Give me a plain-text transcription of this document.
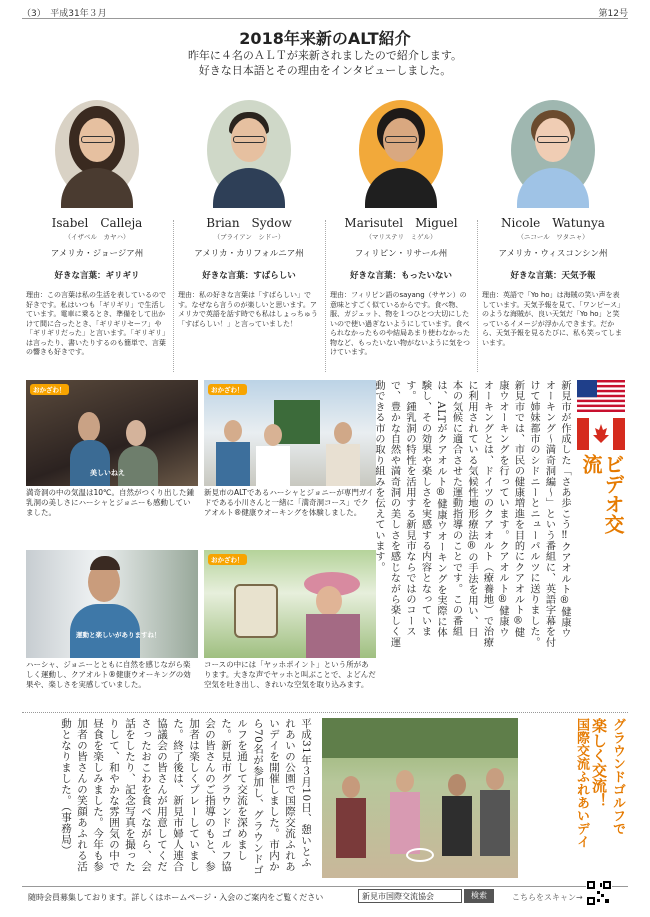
（3）　平成31年３月	第12号
2018年来新のALT紹介
昨年に４名のＡＬＴが来新されましたので紹介します。
好きな日本語とその理由をインタビューしました。
Isabel　Calleja
（イザベル　カヤハ）
アメリカ・ジョージア州
好きな言葉：ギリギリ
理由：この言葉は私の生活を表しているので好きです。私はいつも「ギリギリ」で生活しています。電車に乗るとき、準備をして出かけて間に合ったとき、「ギリギリセーフ」や「ギリギリだった」と言います。「ギリギリ」は言ったり、書いたりするのも簡単で、言葉の響きも好きです。
Brian　Sydow
（ブライアン　シドー）
アメリカ・カリフォルニア州
好きな言葉：すばらしい
理由：私の好きな言葉は「すばらしい」です。なぜなら言うのが楽しいと思います。アメリカで英語を話す時でも私はしょっちゅう「すばらしい！」と言っていました！
Marisutel　Miguel
（マリステリ　ミゲル）
フィリピン・リサール州
好きな言葉：もったいない
理由：フィリピン語のsayang（サヤン）の意味とすごく似ているからです。食べ物、服、ガジェット、物を１つひとつ大切にしたいので使い過ぎないようにしています。食べられなかったものや結局あまり使わなかった物など、もったいない物がないように気をつけています。
Nicole　Watunya
（ニコール　ワタニャ）
アメリカ・ウィスコンシン州
好きな言葉：天気予報
理由：英語で「Yo ho」は海賊の笑い声を表しています。天気予報を見て、「ワンピース」のような海賊が、良い天気だ「Yo ho」と笑っているイメージが浮かんできます。だから、天気予報を見るたびに、私も笑ってしまいます。
おかざわ！
美しいねえ
満奇洞の中の気温は10℃。自然がつくり出した鍾乳洞の美しさにハーシャとジョニーも感動していました。
おかざわ！
新見市のALTであるハーシャとジョニーが専門ガイドである小川さんと一緒に「満奇洞コース」でクアオルト®健康ウオーキングを体験しました。
運動と楽しいがありますね！
ハーシャ、ジョニーとともに自然を感じながら楽しく運動し、クアオルト®健康ウオーキングの効果や、楽しさを実感していました。
おかざわ！
コースの中には「ヤッホポイント」という所があります。大きな声でヤッホと叫ぶことで、よどんだ空気を吐き出し、きれいな空気を取り込みます。
ビデオ交流
新見市が作成した「さあ歩こう‼クアオルト®健康ウオーキング〜満奇洞編〜」という番組に、英語字幕を付けて姉妹都市のシドニーとニューパルツに送りました。新見市では、市民の健康増進を目的にクアオルト®健康ウオーキングを行っています。クアオルト®健康ウオーキングとは、ドイツのクアオルト（療養地）で治療に利用されている気候性地形療法®の手法を用い、日本の気候に適合させた運動指導のことです。この番組は、ALTがクアオルト®健康ウオーキングを実際に体験し、その効果や楽しさを実感する内容となっています。鍾乳洞の特性を活用する新見市ならではのコースで、豊かな自然や満奇洞の美しさを感じながら楽しく運動できる市の取り組みを伝えています。
平成31年３月10日、憩いとふれあいの公園で国際交流ふれあいデイを開催しました。市内から70名が参加し、グラウンドゴルフを通して交流を深めました。新見市グラウンドゴルフ協会の皆さんのご指導のもと、参加者は楽しくプレーしていました。終了後は、新見市婦人連合協議会の皆さんが用意してくださったおこわを食べながら、会話をしたり、記念写真を撮ったりして、和やかな雰囲気の中で昼食を楽しみました。今年も参加者の皆さんの笑顔あふれる活動となりました。（事務局）	グラウンドゴルフで
楽しく交流！
国際交流ふれあいデイ
随時会員募集しております。詳しくはホームページ・入会のご案内をご覧ください	新見市国際交流協会	検索	こちらをスキャン→
